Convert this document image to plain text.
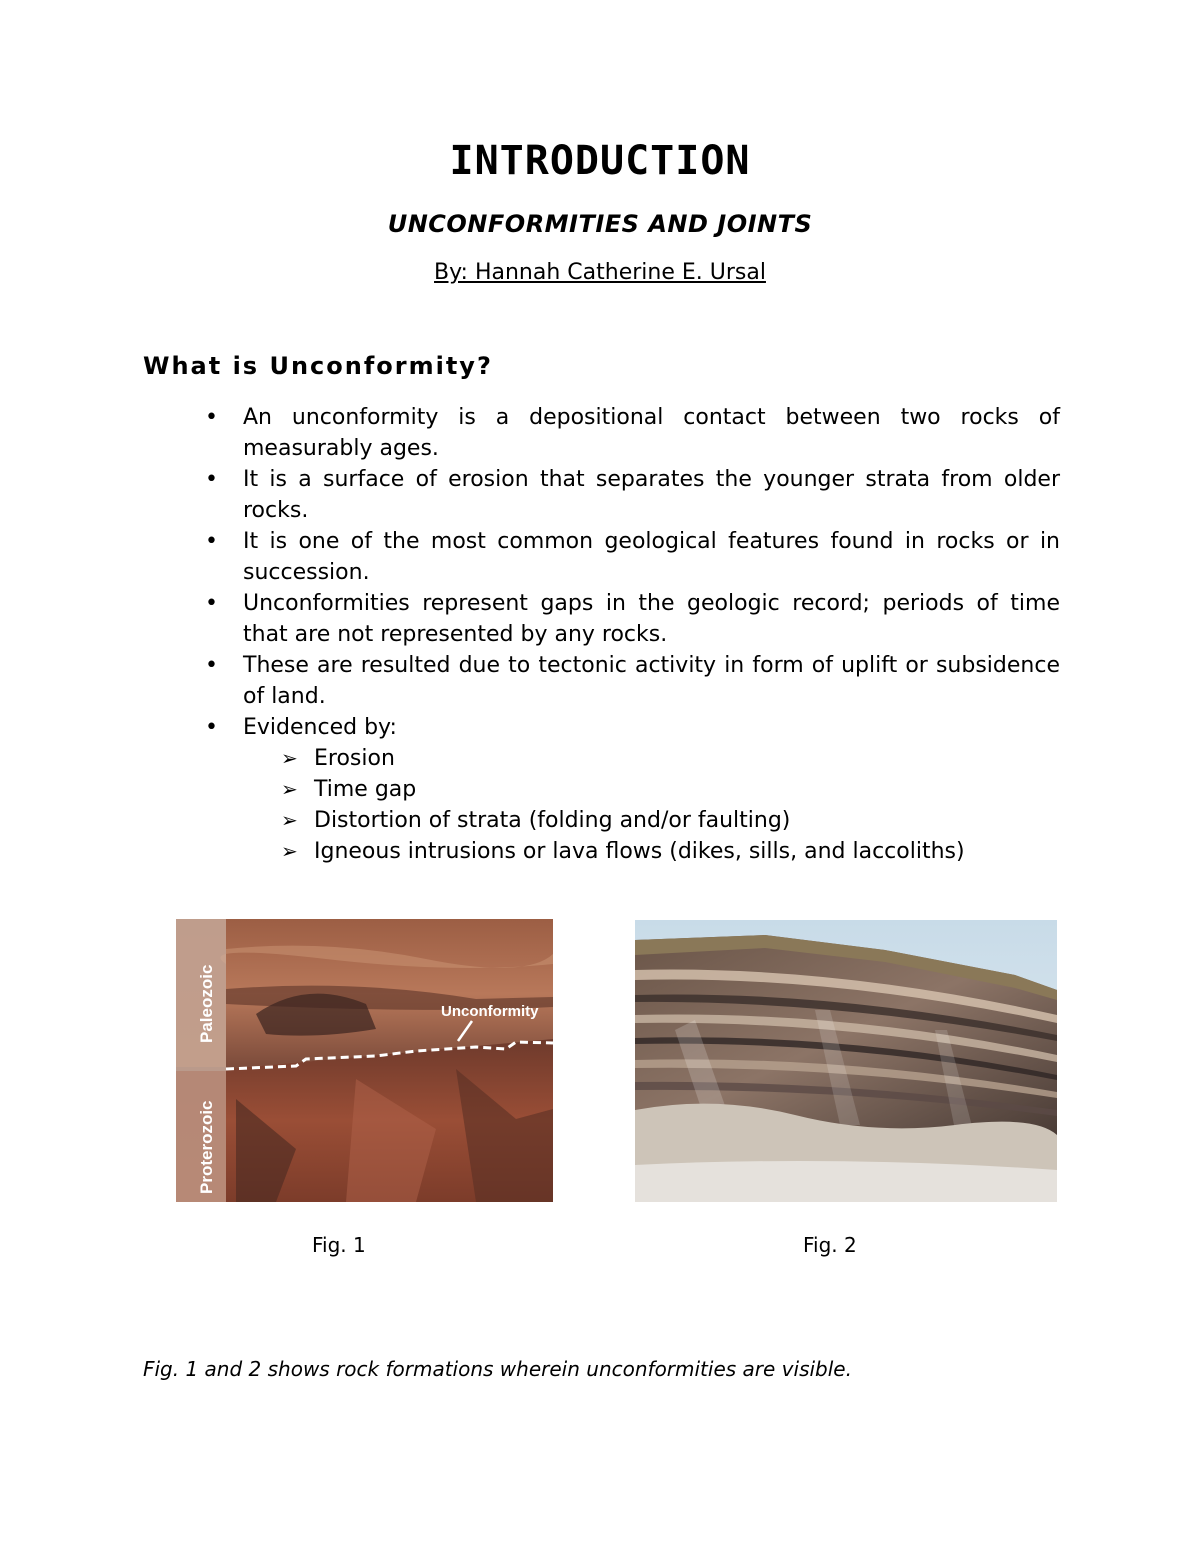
INTRODUCTION
UNCONFORMITIES AND JOINTS
By: Hannah Catherine E. Ursal
What is Unconformity?
• An unconformity is a depositional contact between two rocks of measurably ages.
• It is a surface of erosion that separates the younger strata from older rocks.
• It is one of the most common geological features found in rocks or in succession.
• Unconformities represent gaps in the geologic record; periods of time that are not represented by any rocks.
• These are resulted due to tectonic activity in form of uplift or subsidence of land.
• Evidenced by:
➢ Erosion
➢ Time gap
➢ Distortion of strata (folding and/or faulting)
➢ Igneous intrusions or lava flows (dikes, sills, and laccoliths)
Unconformity
Paleozoic
Proterozoic
Fig. 1	Fig. 2
Fig. 1 and 2 shows rock formations wherein unconformities are visible.
